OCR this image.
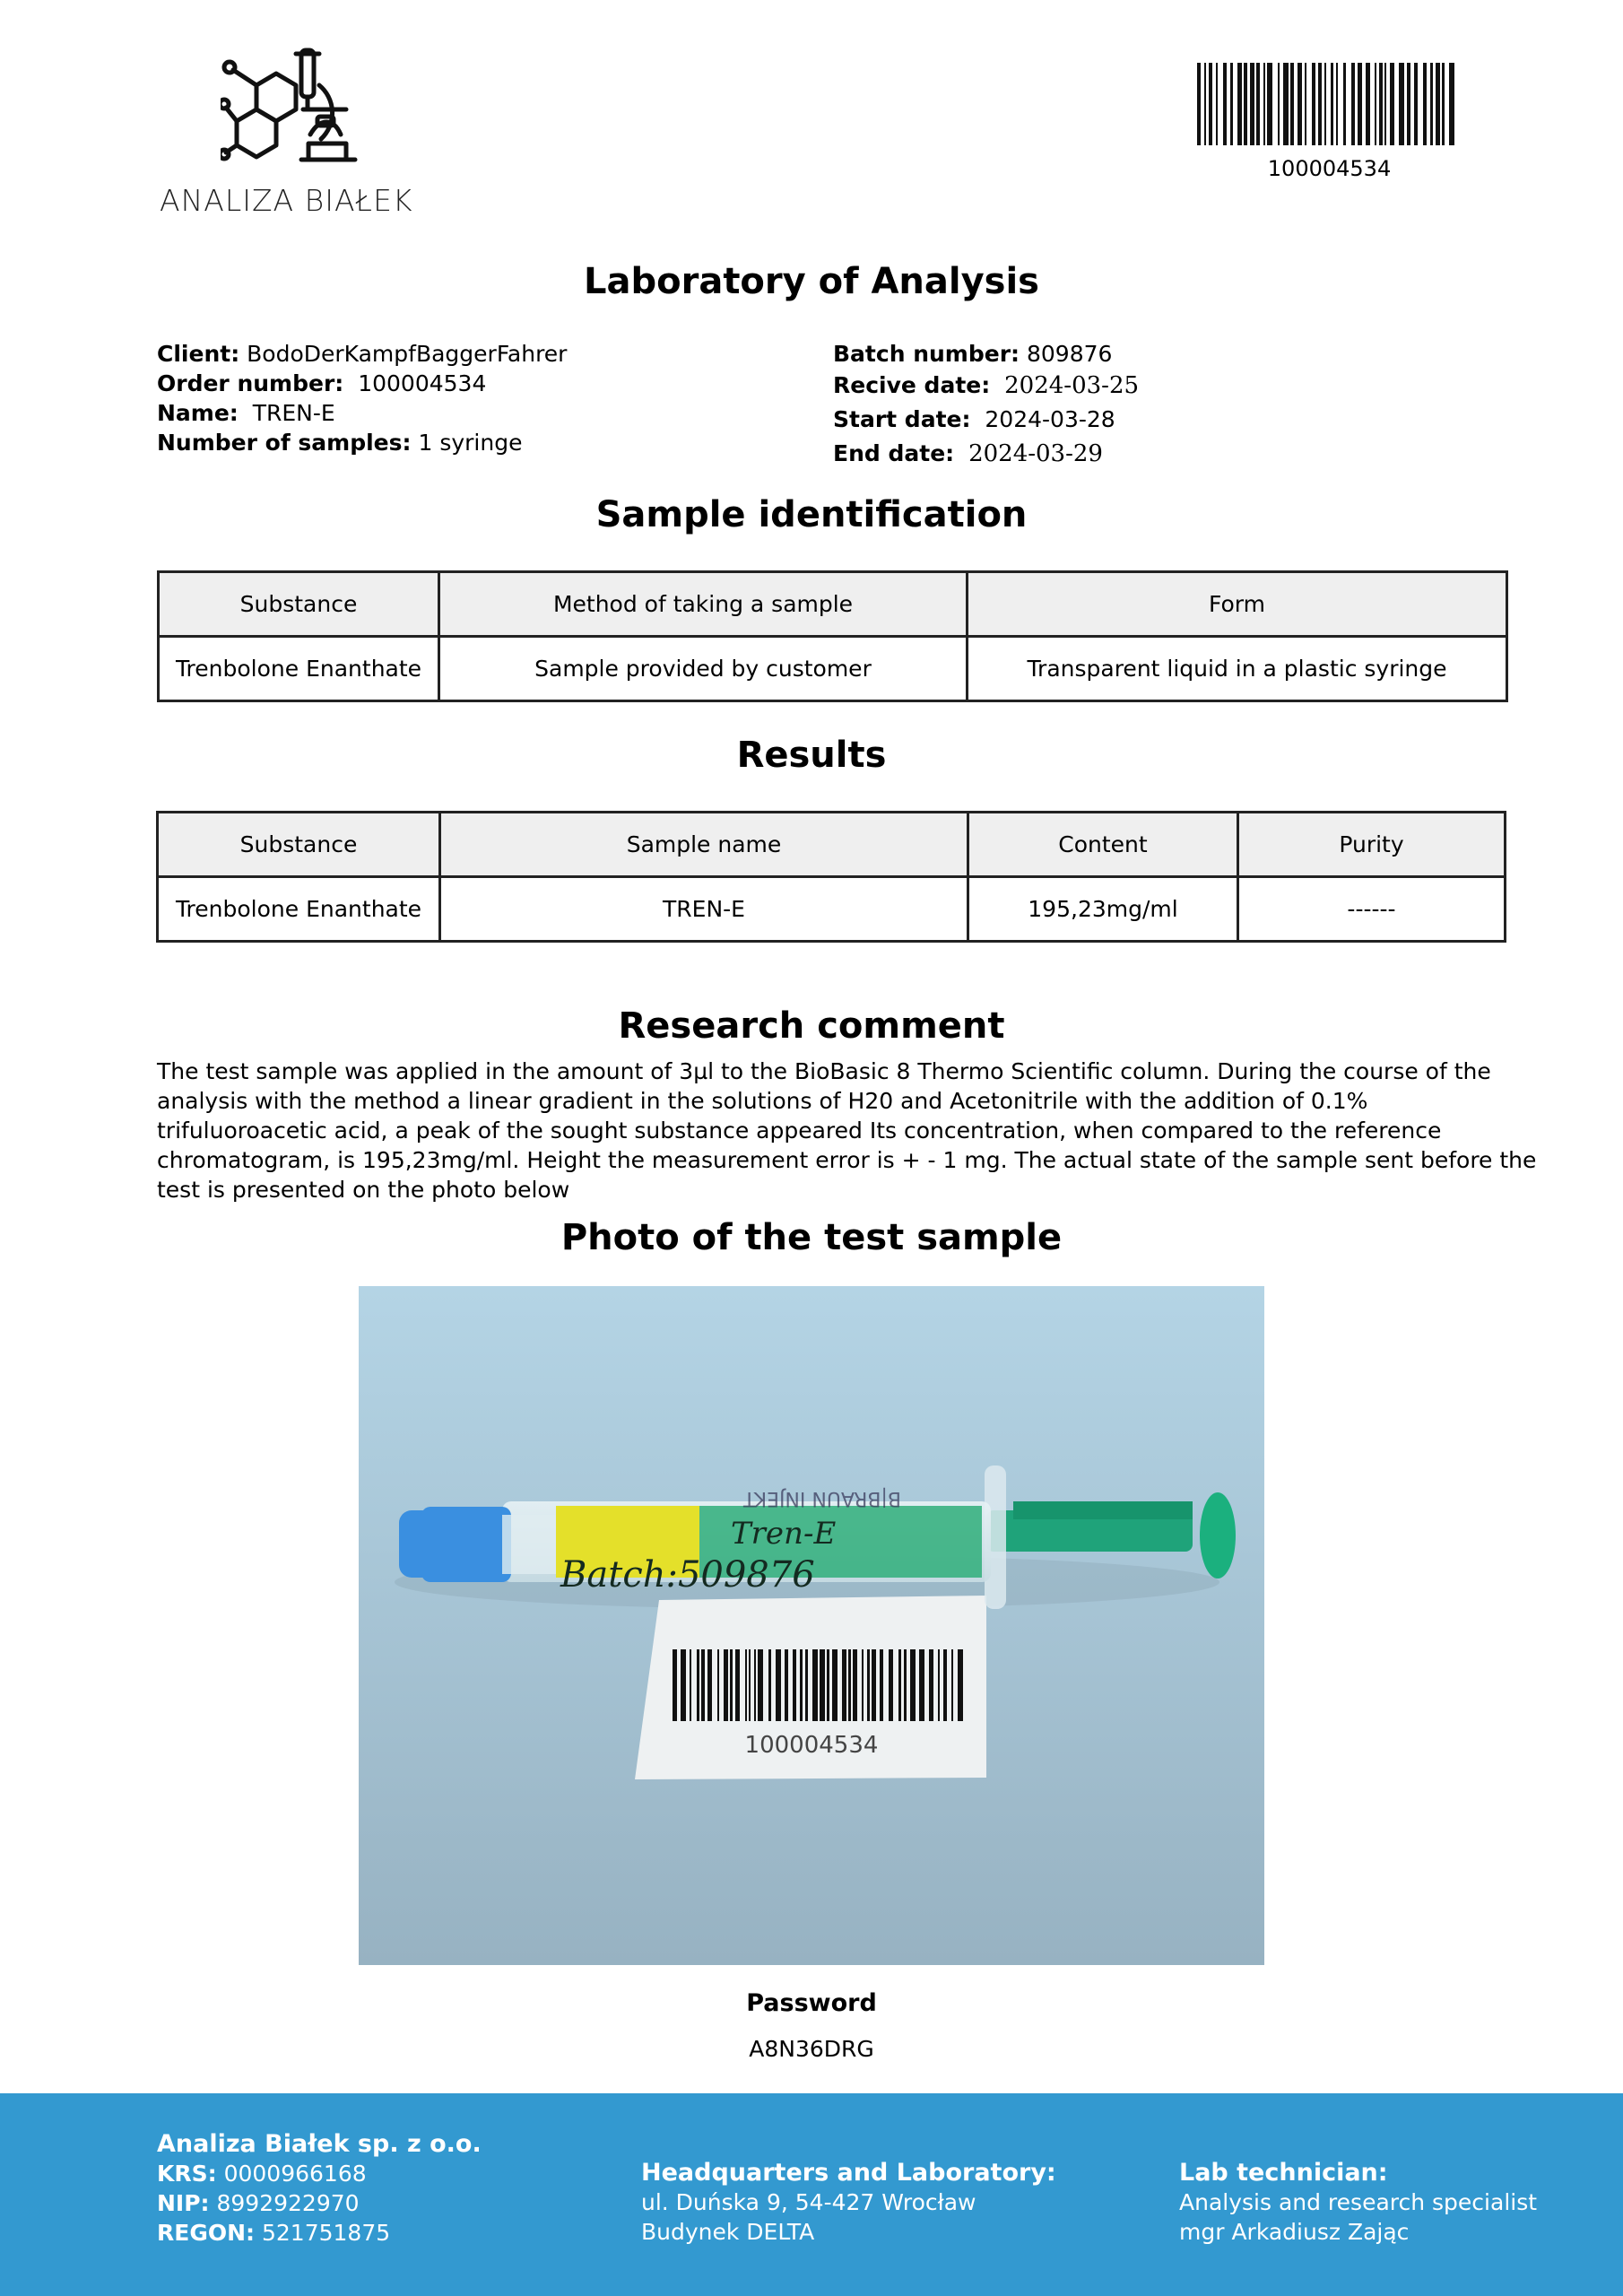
ANALIZA BIAŁEK
100004534
Laboratory of Analysis
Client: BodoDerKampfBaggerFahrer
Order number: 100004534
Name: TREN-E
Number of samples: 1 syringe
Batch number: 809876
Recive date: 2024-03-25
Start date: 2024-03-28
End date: 2024-03-29
Sample identification
Substance	Method of taking a sample	Form
Trenbolone Enanthate	Sample provided by customer	Transparent liquid in a plastic syringe
Results
Substance	Sample name	Content	Purity
Trenbolone Enanthate	TREN-E	195,23mg/ml	------
Research comment
The test sample was applied in the amount of 3µl to the BioBasic 8 Thermo Scientific column. During the course of the analysis with the method a linear gradient in the solutions of H20 and Acetonitrile with the addition of 0.1% trifuluoroacetic acid, a peak of the sought substance appeared Its concentration, when compared to the reference chromatogram, is 195,23mg/ml. Height the measurement error is + - 1 mg. The actual state of the sample sent before the test is presented on the photo below
Photo of the test sample
100004534
Tren-E
Batch:509876
B|BRAUN INJEKT
Password
A8N36DRG
Analiza Białek sp. z o.o.
KRS: 0000966168
NIP: 8992922970
REGON: 521751875
Headquarters and Laboratory:
ul. Duńska 9, 54-427 Wrocław
Budynek DELTA
Lab technician:
Analysis and research specialist
mgr Arkadiusz Zając
